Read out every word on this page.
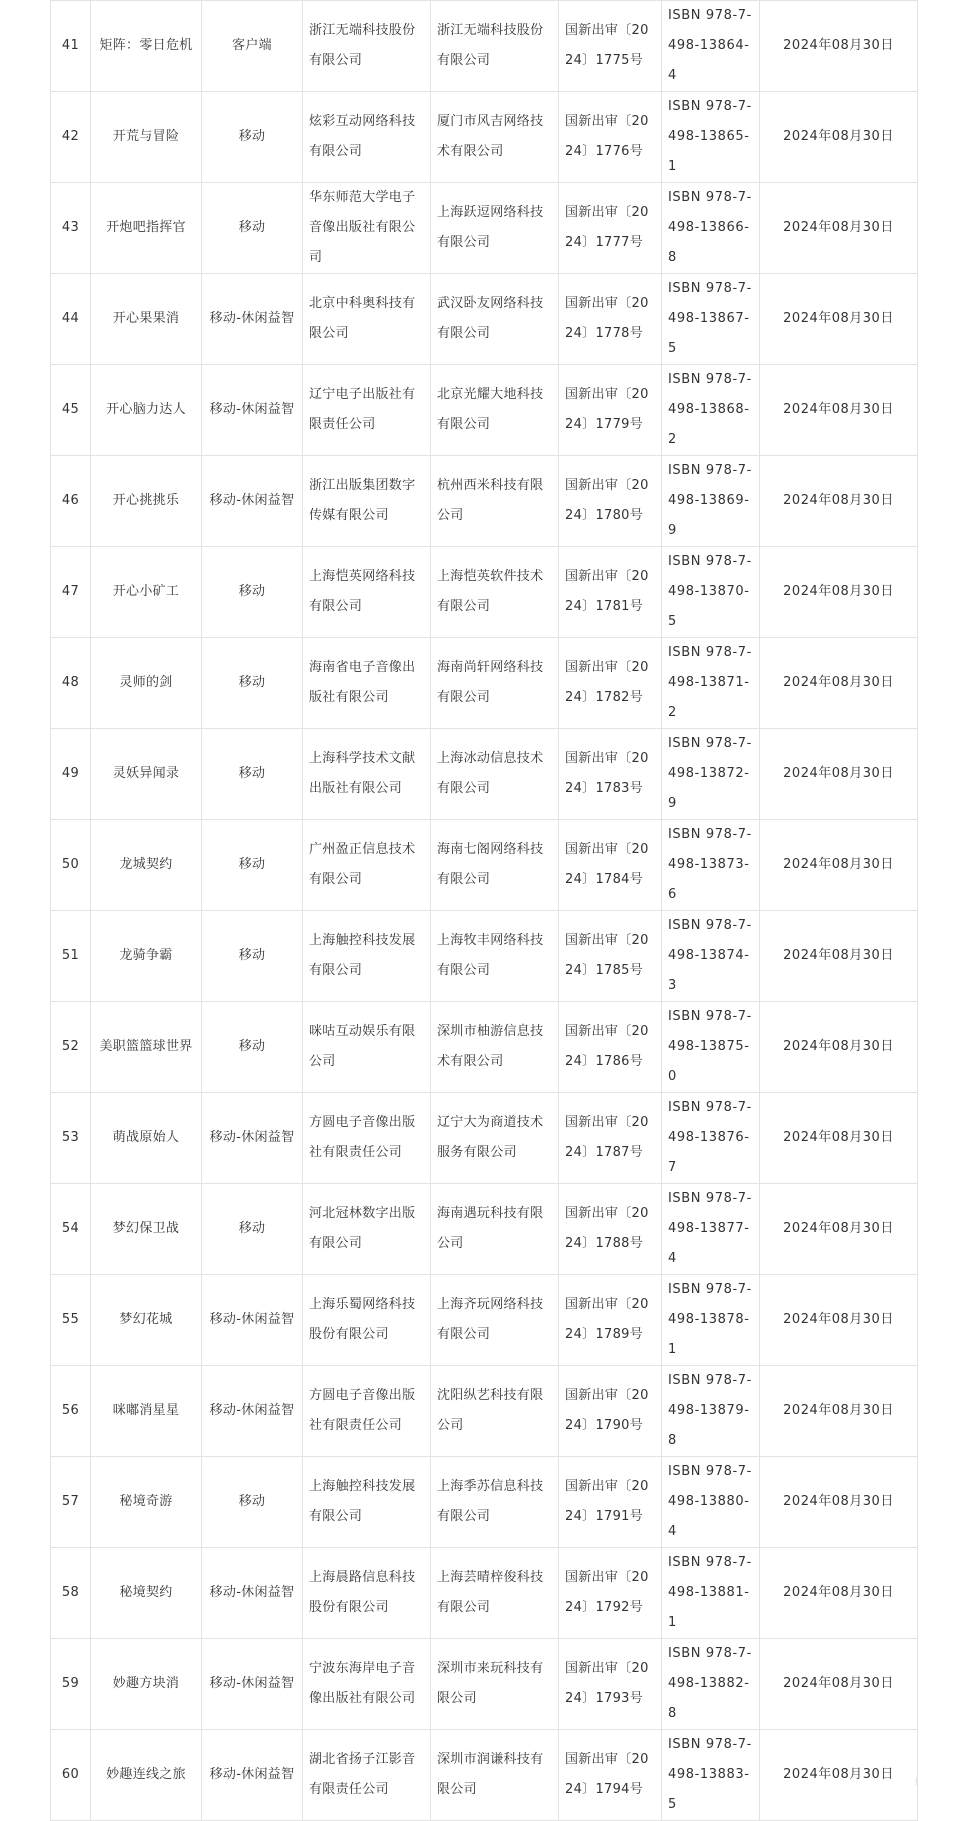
41	矩阵：零日危机	客户端	浙江无端科技股份有限公司	浙江无端科技股份有限公司	国新出审〔2024〕1775号	ISBN 978-7-498-13864-4	2024年08月30日
42	开荒与冒险	移动	炫彩互动网络科技有限公司	厦门市风吉网络技术有限公司	国新出审〔2024〕1776号	ISBN 978-7-498-13865-1	2024年08月30日
43	开炮吧指挥官	移动	华东师范大学电子音像出版社有限公司	上海跃逗网络科技有限公司	国新出审〔2024〕1777号	ISBN 978-7-498-13866-8	2024年08月30日
44	开心果果消	移动-休闲益智	北京中科奥科技有限公司	武汉卧友网络科技有限公司	国新出审〔2024〕1778号	ISBN 978-7-498-13867-5	2024年08月30日
45	开心脑力达人	移动-休闲益智	辽宁电子出版社有限责任公司	北京光耀大地科技有限公司	国新出审〔2024〕1779号	ISBN 978-7-498-13868-2	2024年08月30日
46	开心挑挑乐	移动-休闲益智	浙江出版集团数字传媒有限公司	杭州西米科技有限公司	国新出审〔2024〕1780号	ISBN 978-7-498-13869-9	2024年08月30日
47	开心小矿工	移动	上海恺英网络科技有限公司	上海恺英软件技术有限公司	国新出审〔2024〕1781号	ISBN 978-7-498-13870-5	2024年08月30日
48	灵师的剑	移动	海南省电子音像出版社有限公司	海南尚轩网络科技有限公司	国新出审〔2024〕1782号	ISBN 978-7-498-13871-2	2024年08月30日
49	灵妖异闻录	移动	上海科学技术文献出版社有限公司	上海冰动信息技术有限公司	国新出审〔2024〕1783号	ISBN 978-7-498-13872-9	2024年08月30日
50	龙城契约	移动	广州盈正信息技术有限公司	海南七阁网络科技有限公司	国新出审〔2024〕1784号	ISBN 978-7-498-13873-6	2024年08月30日
51	龙骑争霸	移动	上海触控科技发展有限公司	上海牧丰网络科技有限公司	国新出审〔2024〕1785号	ISBN 978-7-498-13874-3	2024年08月30日
52	美职篮篮球世界	移动	咪咕互动娱乐有限公司	深圳市柚游信息技术有限公司	国新出审〔2024〕1786号	ISBN 978-7-498-13875-0	2024年08月30日
53	萌战原始人	移动-休闲益智	方圆电子音像出版社有限责任公司	辽宁大为商道技术服务有限公司	国新出审〔2024〕1787号	ISBN 978-7-498-13876-7	2024年08月30日
54	梦幻保卫战	移动	河北冠林数字出版有限公司	海南遇玩科技有限公司	国新出审〔2024〕1788号	ISBN 978-7-498-13877-4	2024年08月30日
55	梦幻花城	移动-休闲益智	上海乐蜀网络科技股份有限公司	上海齐玩网络科技有限公司	国新出审〔2024〕1789号	ISBN 978-7-498-13878-1	2024年08月30日
56	咪嘟消星星	移动-休闲益智	方圆电子音像出版社有限责任公司	沈阳纵艺科技有限公司	国新出审〔2024〕1790号	ISBN 978-7-498-13879-8	2024年08月30日
57	秘境奇游	移动	上海触控科技发展有限公司	上海季苏信息科技有限公司	国新出审〔2024〕1791号	ISBN 978-7-498-13880-4	2024年08月30日
58	秘境契约	移动-休闲益智	上海晨路信息科技股份有限公司	上海芸晴梓俊科技有限公司	国新出审〔2024〕1792号	ISBN 978-7-498-13881-1	2024年08月30日
59	妙趣方块消	移动-休闲益智	宁波东海岸电子音像出版社有限公司	深圳市来玩科技有限公司	国新出审〔2024〕1793号	ISBN 978-7-498-13882-8	2024年08月30日
60	妙趣连线之旅	移动-休闲益智	湖北省扬子江影音有限责任公司	深圳市润谦科技有限公司	国新出审〔2024〕1794号	ISBN 978-7-498-13883-5	2024年08月30日
